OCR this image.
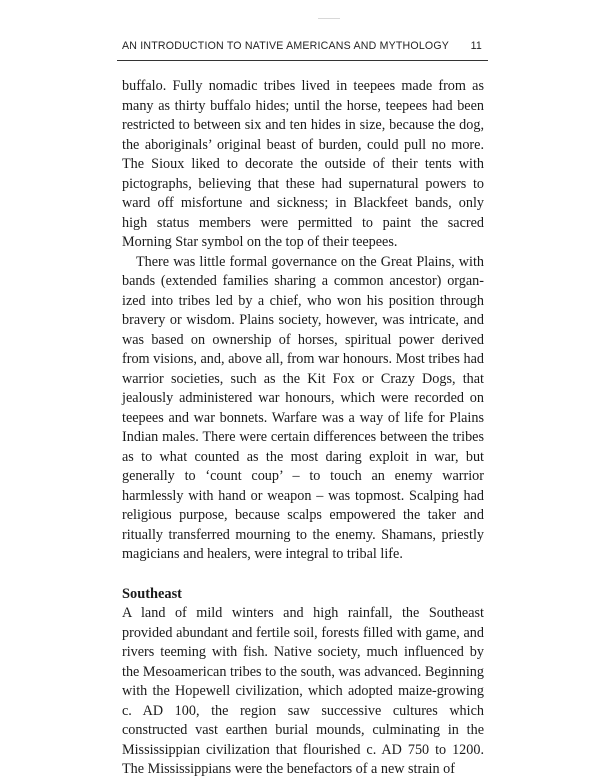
AN INTRODUCTION TO NATIVE AMERICANS AND MYTHOLOGY 11

buffalo. Fully nomadic tribes lived in teepees made from as many as thirty buffalo hides; until the horse, teepees had been restricted to between six and ten hides in size, because the dog, the aboriginals’ original beast of burden, could pull no more. The Sioux liked to decorate the outside of their tents with pictographs, believing that these had supernatural powers to ward off misfortune and sickness; in Blackfeet bands, only high status members were permitted to paint the sacred Morning Star symbol on the top of their teepees.

There was little formal governance on the Great Plains, with bands (extended families sharing a common ancestor) organized into tribes led by a chief, who won his position through bravery or wisdom. Plains society, however, was intricate, and was based on ownership of horses, spiritual power derived from visions, and, above all, from war honours. Most tribes had warrior societies, such as the Kit Fox or Crazy Dogs, that jealously administered war honours, which were recorded on teepees and war bonnets. Warfare was a way of life for Plains Indian males. There were certain differences between the tribes as to what counted as the most daring exploit in war, but generally to ‘count coup’ – to touch an enemy warrior harmlessly with hand or weapon – was topmost. Scalping had religious purpose, because scalps empowered the taker and ritually transferred mourning to the enemy. Shamans, priestly magicians and healers, were integral to tribal life.

Southeast

A land of mild winters and high rainfall, the Southeast provided abundant and fertile soil, forests filled with game, and rivers teeming with fish. Native society, much influenced by the Mesoamerican tribes to the south, was advanced. Beginning with the Hopewell civilization, which adopted maize-growing c. AD 100, the region saw successive cultures which constructed vast earthen burial mounds, culminating in the Mississippian civilization that flourished c. AD 750 to 1200. The Mississippians were the benefactors of a new strain of
